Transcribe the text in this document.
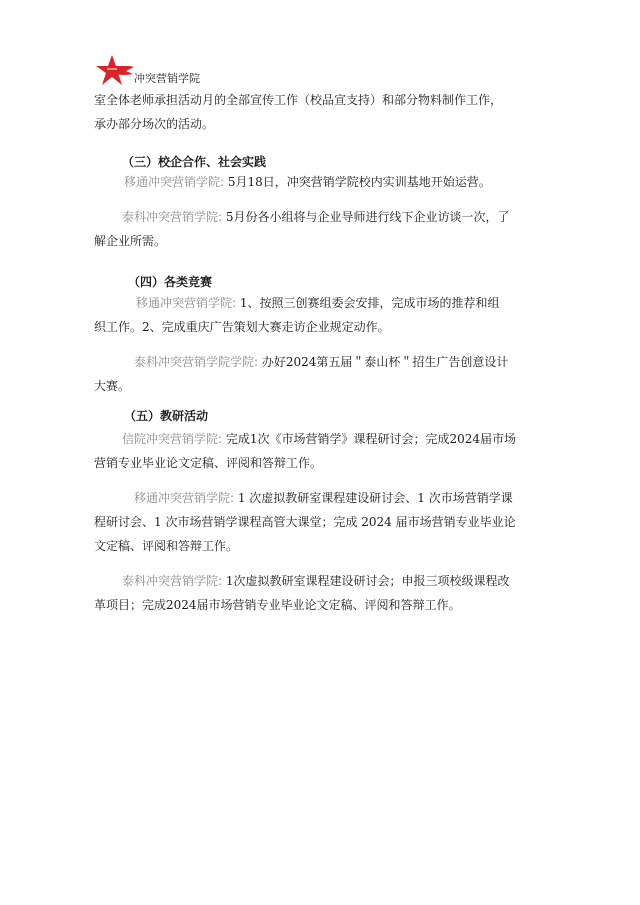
冲突营销学院
室全体老师承担活动月的全部宣传工作（校品宣支持）和部分物料制作工作，
承办部分场次的活动。
（三）校企合作、社会实践
移通冲突营销学院: 5月18日，冲突营销学院校内实训基地开始运营。
泰科冲突营销学院: 5月份各小组将与企业导师进行线下企业访谈一次，了
解企业所需。
（四）各类竞赛
移通冲突营销学院: 1、按照三创赛组委会安排，完成市场的推荐和组
织工作。2、完成重庆广告策划大赛走访企业规定动作。
泰科冲突营销学院学院: 办好2024第五届＂泰山杯＂招生广告创意设计
大赛。
（五）教研活动
信院冲突营销学院: 完成1次《市场营销学》课程研讨会；完成2024届市场
营销专业毕业论文定稿、评阅和答辩工作。
移通冲突营销学院: 1 次虚拟教研室课程建设研讨会、1 次市场营销学课
程研讨会、1 次市场营销学课程高管大课堂；完成 2024 届市场营销专业毕业论
文定稿、评阅和答辩工作。
泰科冲突营销学院: 1次虚拟教研室课程建设研讨会；申报三项校级课程改
革项目；完成2024届市场营销专业毕业论文定稿、评阅和答辩工作。
